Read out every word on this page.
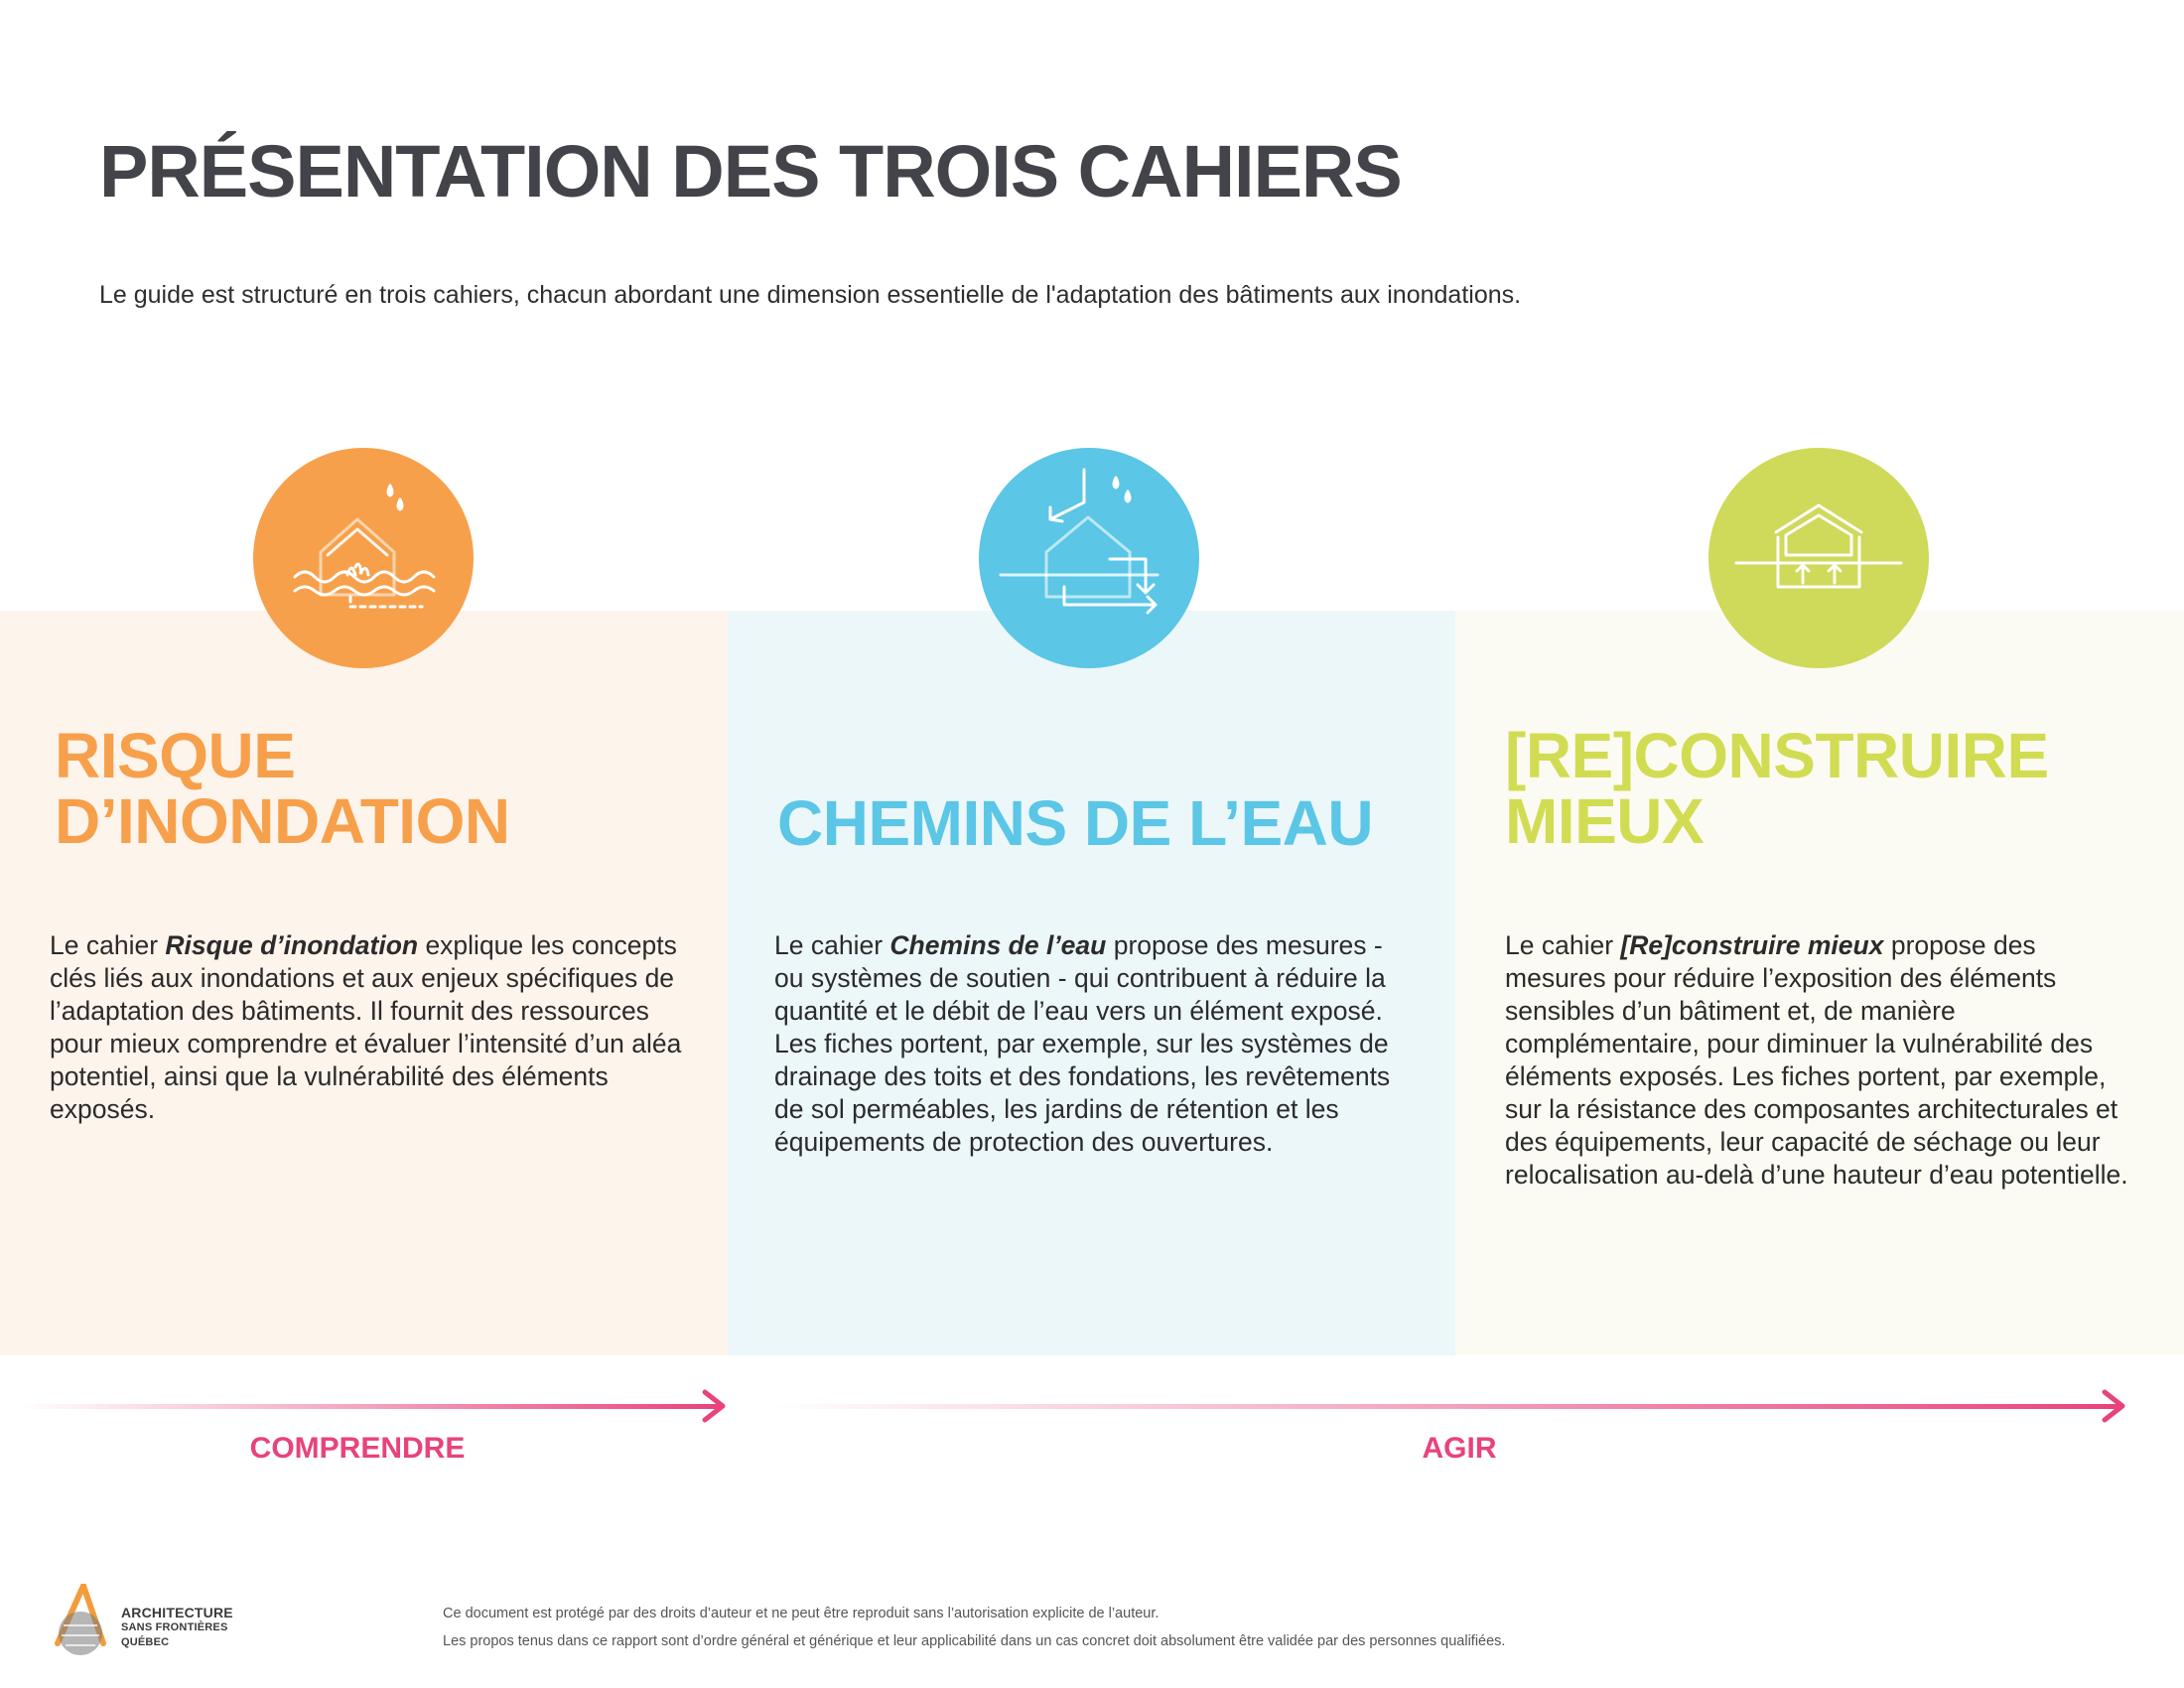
PRÉSENTATION DES TROIS CAHIERS

Le guide est structuré en trois cahiers, chacun abordant une dimension essentielle de l'adaptation des bâtiments aux inondations.

RISQUE
D’INONDATION	CHEMINS DE L’EAU
[RE]CONSTRUIRE
MIEUX

Le cahier Risque d’inondation explique les concepts clés liés aux inondations et aux enjeux spécifiques de l’adaptation des bâtiments. Il fournit des ressources pour mieux comprendre et évaluer l’intensité d’un aléa potentiel, ainsi que la vulnérabilité des éléments exposés.

Le cahier Chemins de l’eau propose des mesures - ou systèmes de soutien - qui contribuent à réduire la quantité et le débit de l’eau vers un élément exposé. Les fiches portent, par exemple, sur les systèmes de drainage des toits et des fondations, les revêtements de sol perméables, les jardins de rétention et les équipements de protection des ouvertures.

Le cahier [Re]construire mieux propose des mesures pour réduire l’exposition des éléments sensibles d’un bâtiment et, de manière complémentaire, pour diminuer la vulnérabilité des éléments exposés. Les fiches portent, par exemple, sur la résistance des composantes architecturales et des équipements, leur capacité de séchage ou leur relocalisation au-delà d’une hauteur d’eau potentielle.

COMPRENDRE	AGIR

ARCHITECTURE
SANS FRONTIÈRES
QUÉBEC

Ce document est protégé par des droits d’auteur et ne peut être reproduit sans l’autorisation explicite de l’auteur.

Les propos tenus dans ce rapport sont d’ordre général et générique et leur applicabilité dans un cas concret doit absolument être validée par des personnes qualifiées.
